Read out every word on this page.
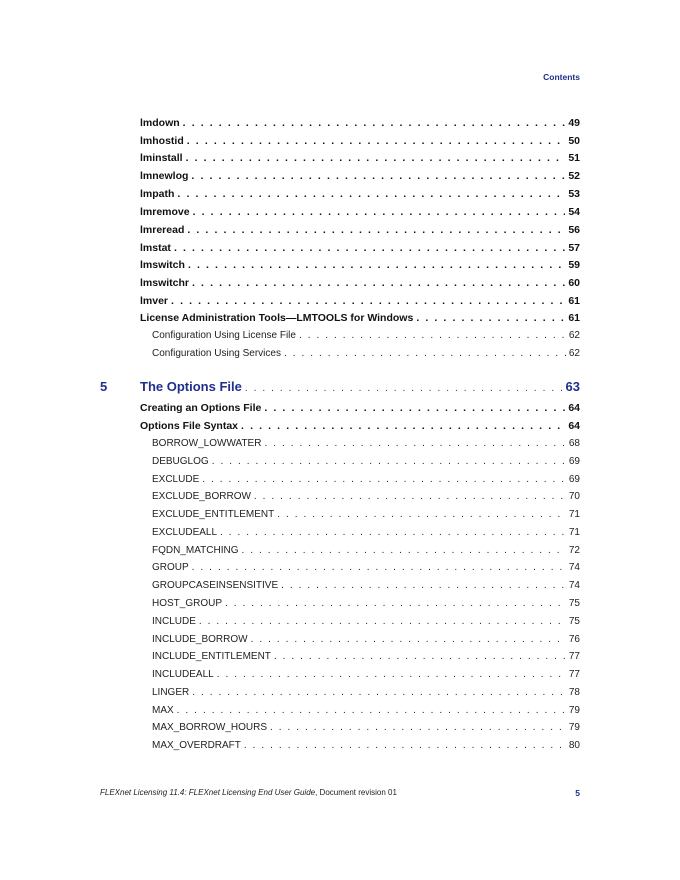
Contents
lmdown . . .	49
lmhostid . . .	50
lminstall . . .	51
lmnewlog . . .	52
lmpath . . .	53
lmremove . . .	54
lmreread . . .	56
lmstat . . .	57
lmswitch . . .	59
lmswitchr . . .	60
lmver . . .	61
License Administration Tools—LMTOOLS for Windows . . .	61
Configuration Using License File . . .	62
Configuration Using Services . . .	62
5	The Options File . . .	63
Creating an Options File . . .	64
Options File Syntax . . .	64
BORROW_LOWWATER . . .	68
DEBUGLOG . . .	69
EXCLUDE . . .	69
EXCLUDE_BORROW . . .	70
EXCLUDE_ENTITLEMENT . . .	71
EXCLUDEALL . . .	71
FQDN_MATCHING . . .	72
GROUP . . .	74
GROUPCASEINSENSITIVE . . .	74
HOST_GROUP . . .	75
INCLUDE . . .	75
INCLUDE_BORROW . . .	76
INCLUDE_ENTITLEMENT . . .	77
INCLUDEALL . . .	77
LINGER . . .	78
MAX . . .	79
MAX_BORROW_HOURS . . .	79
MAX_OVERDRAFT . . .	80
FLEXnet Licensing 11.4: FLEXnet Licensing End User Guide, Document revision 01	5
